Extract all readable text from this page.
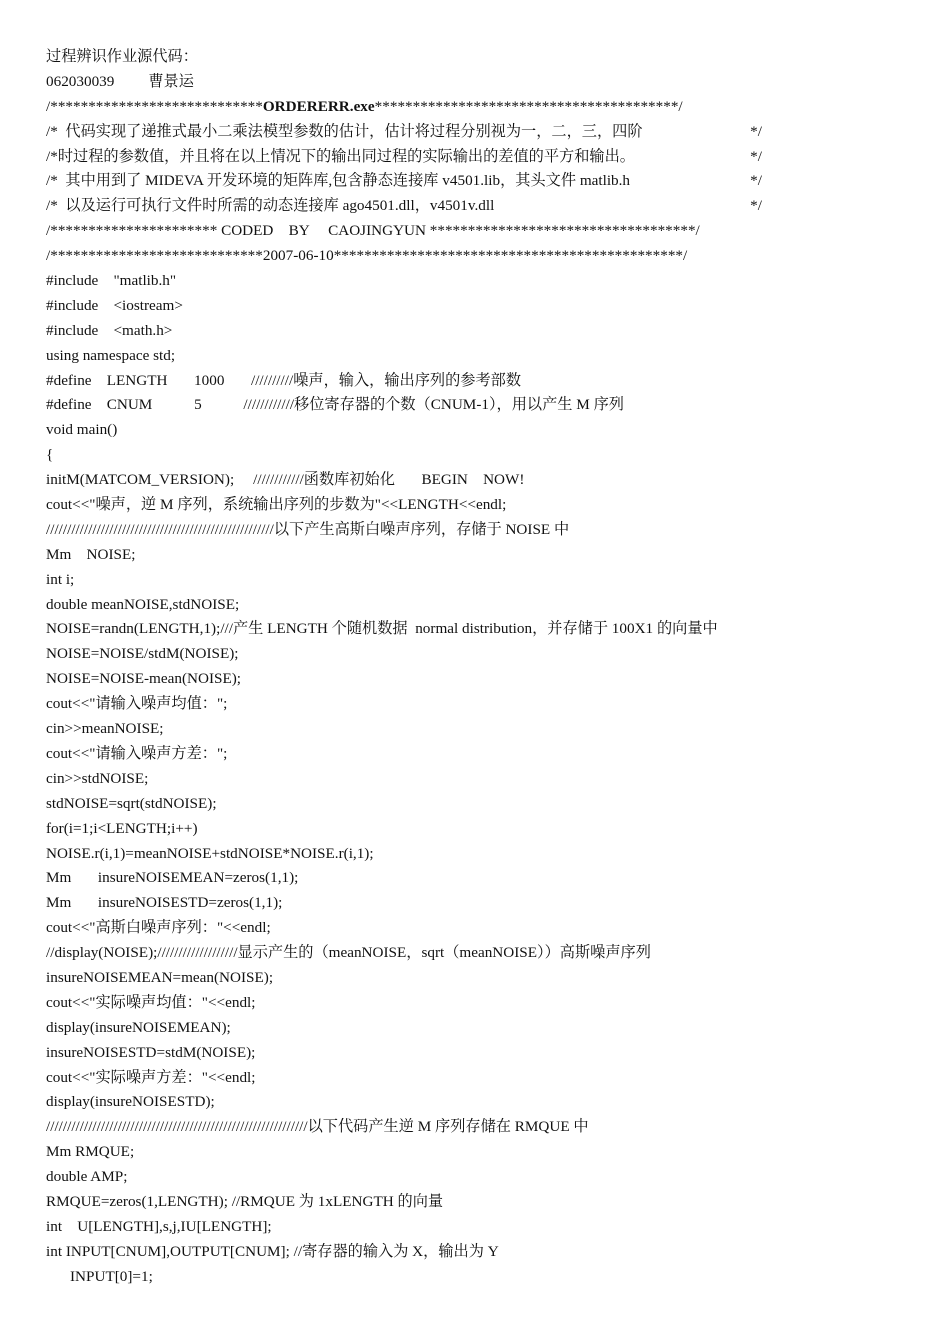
过程辨识作业源代码：
062030039 曹景运
/****************************ORDERERR.exe****************************************/
/*  代码实现了递推式最小二乘法模型参数的估计，估计将过程分别视为一，二，三，四阶	*/
/*时过程的参数值，并且将在以上情况下的输出同过程的实际输出的差值的平方和输出。	*/
/*  其中用到了 MIDEVA 开发环境的矩阵库,包含静态连接库 v4501.lib，其头文件 matlib.h	*/
/*  以及运行可执行文件时所需的动态连接库 ago4501.dll，v4501v.dll	*/
/********************** CODED    BY     CAOJINGYUN ***********************************/
/****************************2007-06-10**********************************************/
#include    "matlib.h"
#include    <iostream>
#include    <math.h>
using namespace std;
#define    LENGTH       1000       //////////噪声，输入，输出序列的参考部数
#define    CNUM           5           ////////////移位寄存器的个数（CNUM-1），用以产生 M 序列
void main()
{
initM(MATCOM_VERSION);     ////////////函数库初始化       BEGIN    NOW!
cout<<"噪声，逆 M 序列，系统输出序列的步数为"<<LENGTH<<endl;
//////////////////////////////////////////////////////以下产生高斯白噪声序列，存储于 NOISE 中
Mm    NOISE;
int i;
double meanNOISE,stdNOISE;
NOISE=randn(LENGTH,1);///产生 LENGTH 个随机数据  normal distribution，并存储于 100X1 的向量中
NOISE=NOISE/stdM(NOISE);
NOISE=NOISE-mean(NOISE);
cout<<"请输入噪声均值：";
cin>>meanNOISE;
cout<<"请输入噪声方差：";
cin>>stdNOISE;
stdNOISE=sqrt(stdNOISE);
for(i=1;i<LENGTH;i++)
NOISE.r(i,1)=meanNOISE+stdNOISE*NOISE.r(i,1);
Mm       insureNOISEMEAN=zeros(1,1);
Mm       insureNOISESTD=zeros(1,1);
cout<<"高斯白噪声序列："<<endl;
//display(NOISE);///////////////////显示产生的（meanNOISE，sqrt（meanNOISE））高斯噪声序列
insureNOISEMEAN=mean(NOISE);
cout<<"实际噪声均值："<<endl;
display(insureNOISEMEAN);
insureNOISESTD=stdM(NOISE);
cout<<"实际噪声方差："<<endl;
display(insureNOISESTD);
//////////////////////////////////////////////////////////////以下代码产生逆 M 序列存储在 RMQUE 中
Mm RMQUE;
double AMP;
RMQUE=zeros(1,LENGTH); //RMQUE 为 1xLENGTH 的向量
int    U[LENGTH],s,j,IU[LENGTH];
int INPUT[CNUM],OUTPUT[CNUM]; //寄存器的输入为 X，输出为 Y
INPUT[0]=1;
